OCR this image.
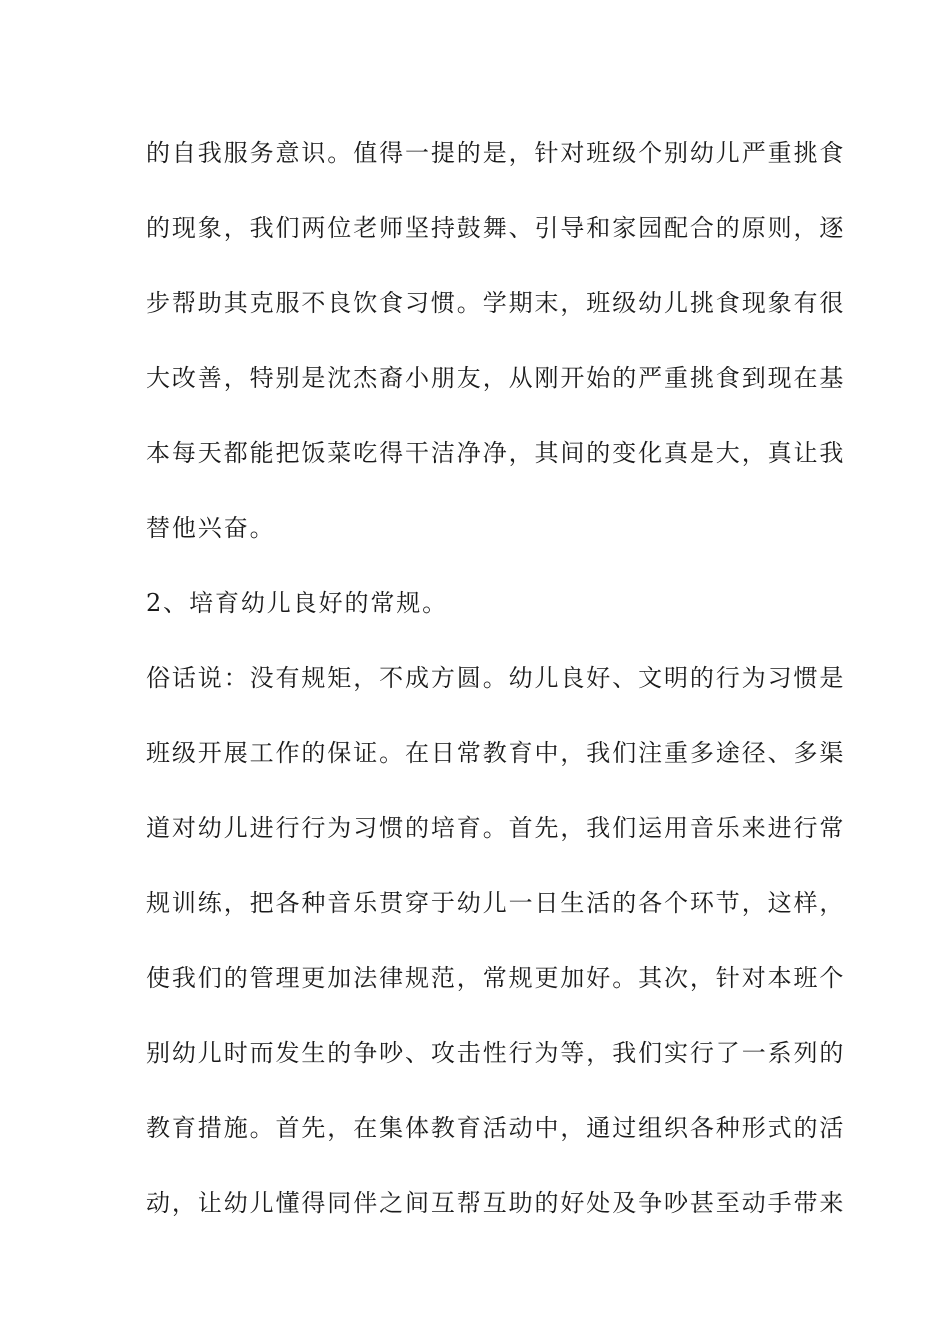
的自我服务意识。值得一提的是，针对班级个别幼儿严重挑食
的现象，我们两位老师坚持鼓舞、引导和家园配合的原则，逐
步帮助其克服不良饮食习惯。学期末，班级幼儿挑食现象有很
大改善，特别是沈杰裔小朋友，从刚开始的严重挑食到现在基
本每天都能把饭菜吃得干洁净净，其间的变化真是大，真让我
替他兴奋。
2、培育幼儿良好的常规。
俗话说：没有规矩，不成方圆。幼儿良好、文明的行为习惯是
班级开展工作的保证。在日常教育中，我们注重多途径、多渠
道对幼儿进行行为习惯的培育。首先，我们运用音乐来进行常
规训练，把各种音乐贯穿于幼儿一日生活的各个环节，这样，
使我们的管理更加法律规范，常规更加好。其次，针对本班个
别幼儿时而发生的争吵、攻击性行为等，我们实行了一系列的
教育措施。首先，在集体教育活动中，通过组织各种形式的活
动，让幼儿懂得同伴之间互帮互助的好处及争吵甚至动手带来
